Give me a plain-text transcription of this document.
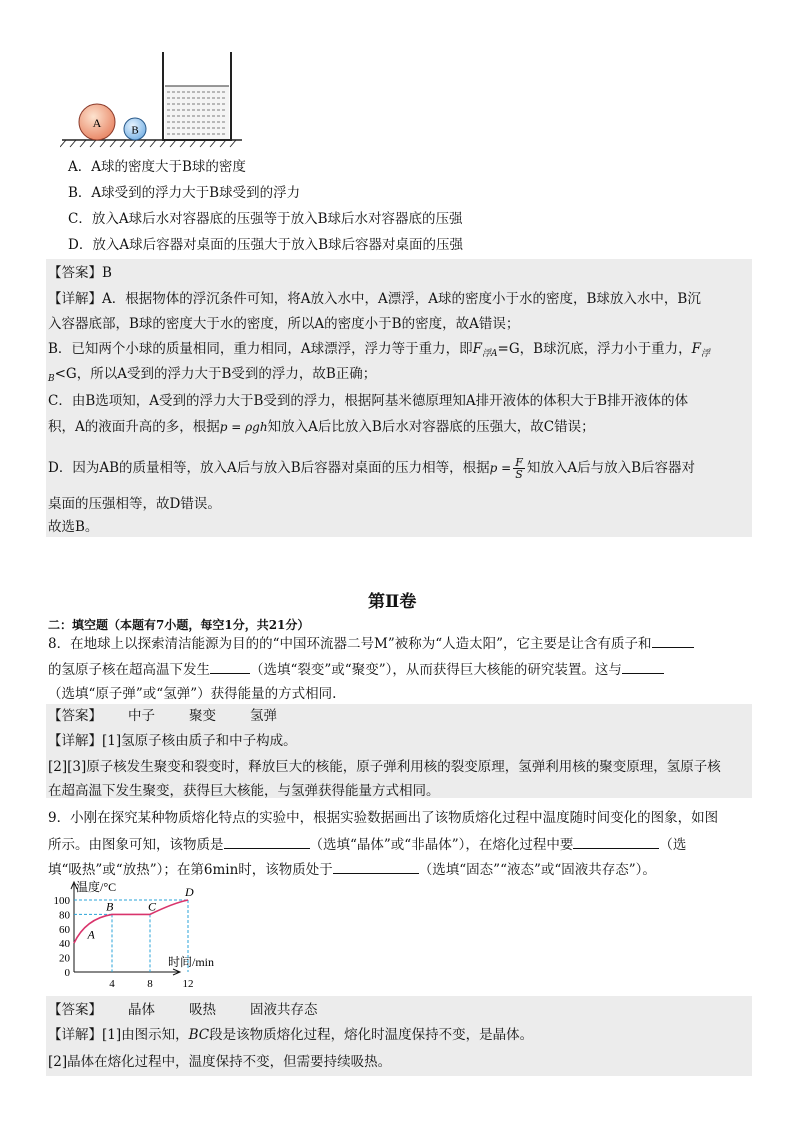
A
B
A．A球的密度大于B球的密度
B．A球受到的浮力大于B球受到的浮力
C．放入A球后水对容器底的压强等于放入B球后水对容器底的压强
D．放入A球后容器对桌面的压强大于放入B球后容器对桌面的压强
【答案】B
【详解】A．根据物体的浮沉条件可知，将A放入水中，A漂浮，A球的密度小于水的密度，B球放入水中，B沉
入容器底部，B球的密度大于水的密度，所以A的密度小于B的密度，故A错误；
B．已知两个小球的质量相同，重力相同，A球漂浮，浮力等于重力，即$F_{浮A}=G$，B球沉底，浮力小于重力，$F_浮$
$_B$<G，所以A受到的浮力大于B受到的浮力，故B正确；
C．由B选项知，A受到的浮力大于B受到的浮力，根据阿基米德原理知A排开液体的体积大于B排开液体的体
积，A的液面升高的多，根据p = ρgh知放入A后比放入B后水对容器底的压强大，故C错误；
D．因为AB的质量相等，放入A后与放入B后容器对桌面的压力相等，根据$p = \frac{F}{S}$ 知放入A后与放入B后容器对
桌面的压强相等，故D错误。
故选B。
第Ⅱ卷
二：填空题（本题有7小题，每空1分，共21分）
8．在地球上以探索清洁能源为目的的“中国环流器二号M”被称为“人造太阳”，它主要是让含有质子和
的氢原子核在超高温下发生	（选填“裂变”或“聚变”），从而获得巨大核能的研究装置。这与
（选填“原子弹”或“氢弹”）获得能量的方式相同.
【答案】 中子	聚变	氢弹
【详解】[1]氢原子核由质子和中子构成。
[2][3]原子核发生聚变和裂变时，释放巨大的核能，原子弹利用核的裂变原理，氢弹利用核的聚变原理，氢原子核
在超高温下发生聚变，获得巨大核能，与氢弹获得能量方式相同。
9．小刚在探究某种物质熔化特点的实验中，根据实验数据画出了该物质熔化过程中温度随时间变化的图象，如图
所示。由图象可知，该物质是	（选填“晶体”或“非晶体”），在熔化过程中要	（选
填“吸热”或“放热”）；在第6min时，该物质处于	（选填“固态”“液态”或“固液共存态”）。
温度/°C
时间/min
0
20
40
60
80
100
4	8	12
A
B	C
D
【答案】 晶体	吸热	固液共存态
【详解】[1]由图示知，BC段是该物质熔化过程，熔化时温度保持不变，是晶体。
[2]晶体在熔化过程中，温度保持不变，但需要持续吸热。
